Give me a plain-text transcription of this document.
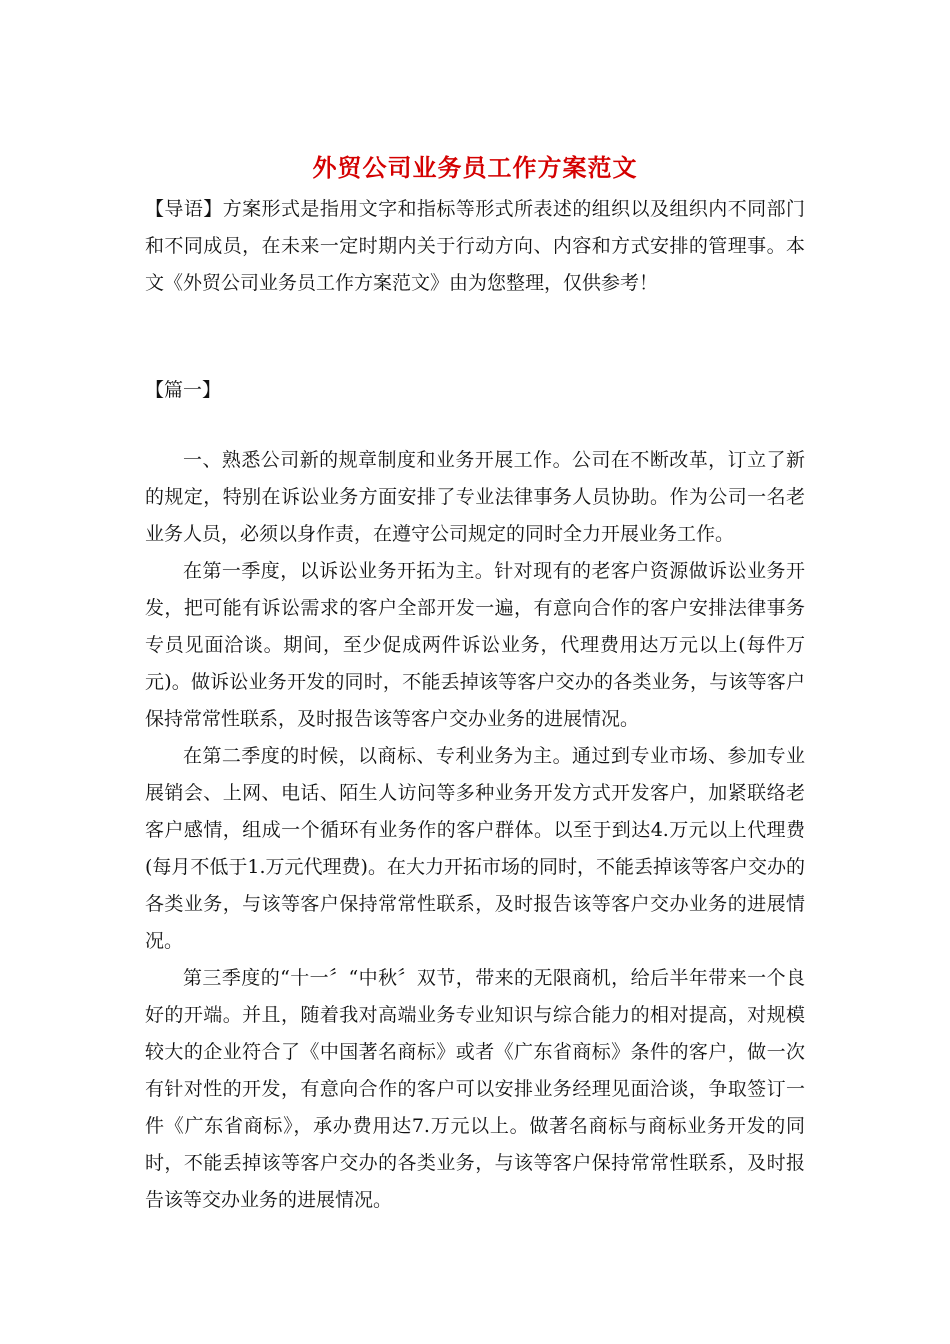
外贸公司业务员工作方案范文

【导语】方案形式是指用文字和指标等形式所表述的组织以及组织内不同部门和不同成员，在未来一定时期内关于行动方向、内容和方式安排的管理事。本文《外贸公司业务员工作方案范文》由为您整理，仅供参考！

【篇一】

一、熟悉公司新的规章制度和业务开展工作。公司在不断改革，订立了新的规定，特别在诉讼业务方面安排了专业法律事务人员协助。作为公司一名老业务人员，必须以身作责，在遵守公司规定的同时全力开展业务工作。

在第一季度，以诉讼业务开拓为主。针对现有的老客户资源做诉讼业务开发，把可能有诉讼需求的客户全部开发一遍，有意向合作的客户安排法律事务专员见面洽谈。期间，至少促成两件诉讼业务，代理费用达万元以上(每件万元)。做诉讼业务开发的同时，不能丢掉该等客户交办的各类业务，与该等客户保持常常性联系，及时报告该等客户交办业务的进展情况。

在第二季度的时候，以商标、专利业务为主。通过到专业市场、参加专业展销会、上网、电话、陌生人访问等多种业务开发方式开发客户，加紧联络老客户感情，组成一个循环有业务作的客户群体。以至于到达4.万元以上代理费(每月不低于1.万元代理费)。在大力开拓市场的同时，不能丢掉该等客户交办的各类业务，与该等客户保持常常性联系，及时报告该等客户交办业务的进展情况。

第三季度的“十一〞“中秋〞双节，带来的无限商机，给后半年带来一个良好的开端。并且，随着我对高端业务专业知识与综合能力的相对提高，对规模较大的企业符合了《中国著名商标》或者《广东省商标》条件的客户，做一次有针对性的开发，有意向合作的客户可以安排业务经理见面洽谈，争取签订一件《广东省商标》，承办费用达7.万元以上。做著名商标与商标业务开发的同时，不能丢掉该等客户交办的各类业务，与该等客户保持常常性联系，及时报告该等交办业务的进展情况。
